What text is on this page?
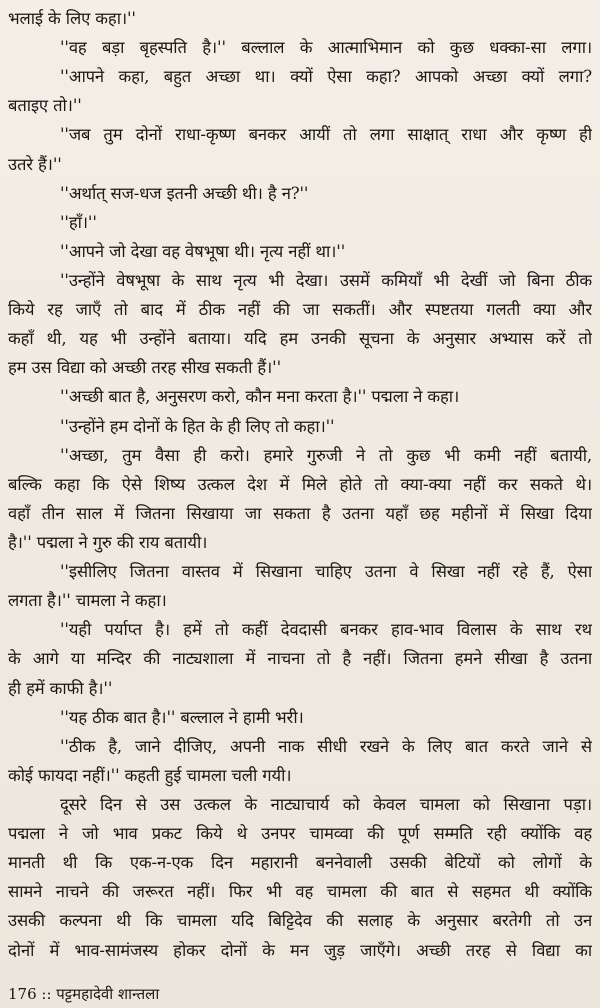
भलाई के लिए कहा।''
''वह बड़ा बृहस्पति है।'' बल्लाल के आत्माभिमान को कुछ धक्का-सा लगा।
''आपने कहा, बहुत अच्छा था। क्यों ऐसा कहा? आपको अच्छा क्यों लगा?
बताइए तो।''
''जब तुम दोनों राधा-कृष्ण बनकर आयीं तो लगा साक्षात् राधा और कृष्ण ही
उतरे हैं।''
''अर्थात् सज-धज इतनी अच्छी थी। है न?''
''हाँ।''
''आपने जो देखा वह वेषभूषा थी। नृत्य नहीं था।''
''उन्होंने वेषभूषा के साथ नृत्य भी देखा। उसमें कमियाँ भी देखीं जो बिना ठीक
किये रह जाएँ तो बाद में ठीक नहीं की जा सकतीं। और स्पष्टतया गलती क्या और
कहाँ थी, यह भी उन्होंने बताया। यदि हम उनकी सूचना के अनुसार अभ्यास करें तो
हम उस विद्या को अच्छी तरह सीख सकती हैं।''
''अच्छी बात है, अनुसरण करो, कौन मना करता है।'' पद्मला ने कहा।
''उन्होंने हम दोनों के हित के ही लिए तो कहा।''
''अच्छा, तुम वैसा ही करो। हमारे गुरुजी ने तो कुछ भी कमी नहीं बतायी,
बल्कि कहा कि ऐसे शिष्य उत्कल देश में मिले होते तो क्या-क्या नहीं कर सकते थे।
वहाँ तीन साल में जितना सिखाया जा सकता है उतना यहाँ छह महीनों में सिखा दिया
है।'' पद्मला ने गुरु की राय बतायी।
''इसीलिए जितना वास्तव में सिखाना चाहिए उतना वे सिखा नहीं रहे हैं, ऐसा
लगता है।'' चामला ने कहा।
''यही पर्याप्त है। हमें तो कहीं देवदासी बनकर हाव-भाव विलास के साथ रथ
के आगे या मन्दिर की नाट्यशाला में नाचना तो है नहीं। जितना हमने सीखा है उतना
ही हमें काफी है।''
''यह ठीक बात है।'' बल्लाल ने हामी भरी।
''ठीक है, जाने दीजिए, अपनी नाक सीधी रखने के लिए बात करते जाने से
कोई फायदा नहीं।'' कहती हुई चामला चली गयी।
दूसरे दिन से उस उत्कल के नाट्याचार्य को केवल चामला को सिखाना पड़ा।
पद्मला ने जो भाव प्रकट किये थे उनपर चामव्वा की पूर्ण सम्मति रही क्योंकि वह
मानती थी कि एक-न-एक दिन महारानी बननेवाली उसकी बेटियों को लोगों के
सामने नाचने की जरूरत नहीं। फिर भी वह चामला की बात से सहमत थी क्योंकि
उसकी कल्पना थी कि चामला यदि बिट्टिदेव की सलाह के अनुसार बरतेगी तो उन
दोनों में भाव-सामंजस्य होकर दोनों के मन जुड़ जाएँगे। अच्छी तरह से विद्या का
176 :: पट्टमहादेवी शान्तला
